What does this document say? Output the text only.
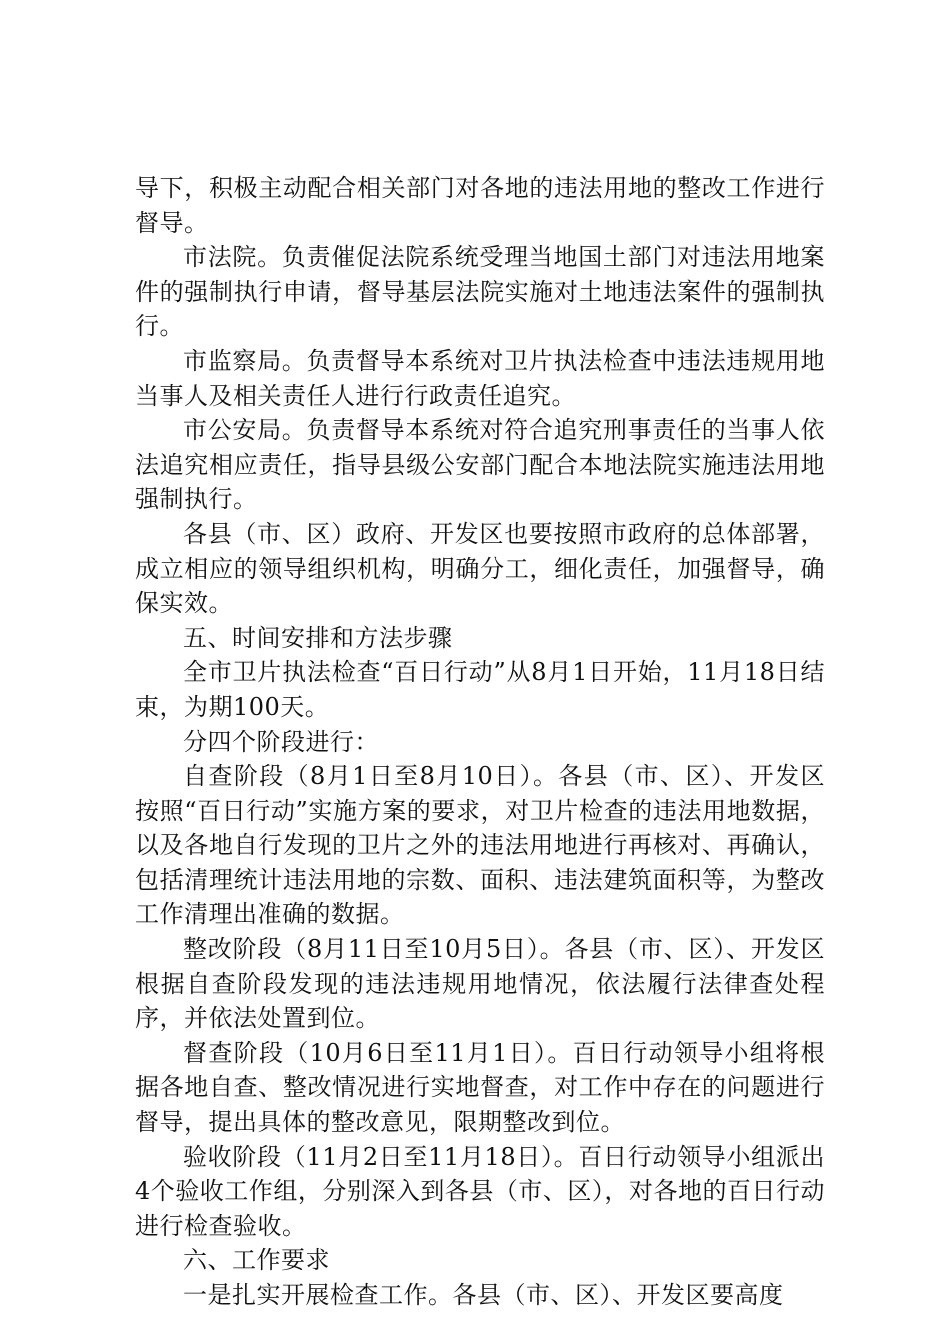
导下，积极主动配合相关部门对各地的违法用地的整改工作进行督导。

市法院。负责催促法院系统受理当地国土部门对违法用地案件的强制执行申请，督导基层法院实施对土地违法案件的强制执行。

市监察局。负责督导本系统对卫片执法检查中违法违规用地当事人及相关责任人进行行政责任追究。

市公安局。负责督导本系统对符合追究刑事责任的当事人依法追究相应责任，指导县级公安部门配合本地法院实施违法用地强制执行。

各县（市、区）政府、开发区也要按照市政府的总体部署，成立相应的领导组织机构，明确分工，细化责任，加强督导，确保实效。

五、时间安排和方法步骤

全市卫片执法检查“百日行动”从8月1日开始，11月18日结束，为期100天。

分四个阶段进行：

自查阶段（8月1日至8月10日）。各县（市、区）、开发区按照“百日行动”实施方案的要求，对卫片检查的违法用地数据，以及各地自行发现的卫片之外的违法用地进行再核对、再确认，包括清理统计违法用地的宗数、面积、违法建筑面积等，为整改工作清理出准确的数据。

整改阶段（8月11日至10月5日）。各县（市、区）、开发区根据自查阶段发现的违法违规用地情况，依法履行法律查处程序，并依法处置到位。

督查阶段（10月6日至11月1日）。百日行动领导小组将根据各地自查、整改情况进行实地督查，对工作中存在的问题进行督导，提出具体的整改意见，限期整改到位。

验收阶段（11月2日至11月18日）。百日行动领导小组派出4个验收工作组，分别深入到各县（市、区），对各地的百日行动进行检查验收。

六、工作要求

一是扎实开展检查工作。各县（市、区）、开发区要高度
